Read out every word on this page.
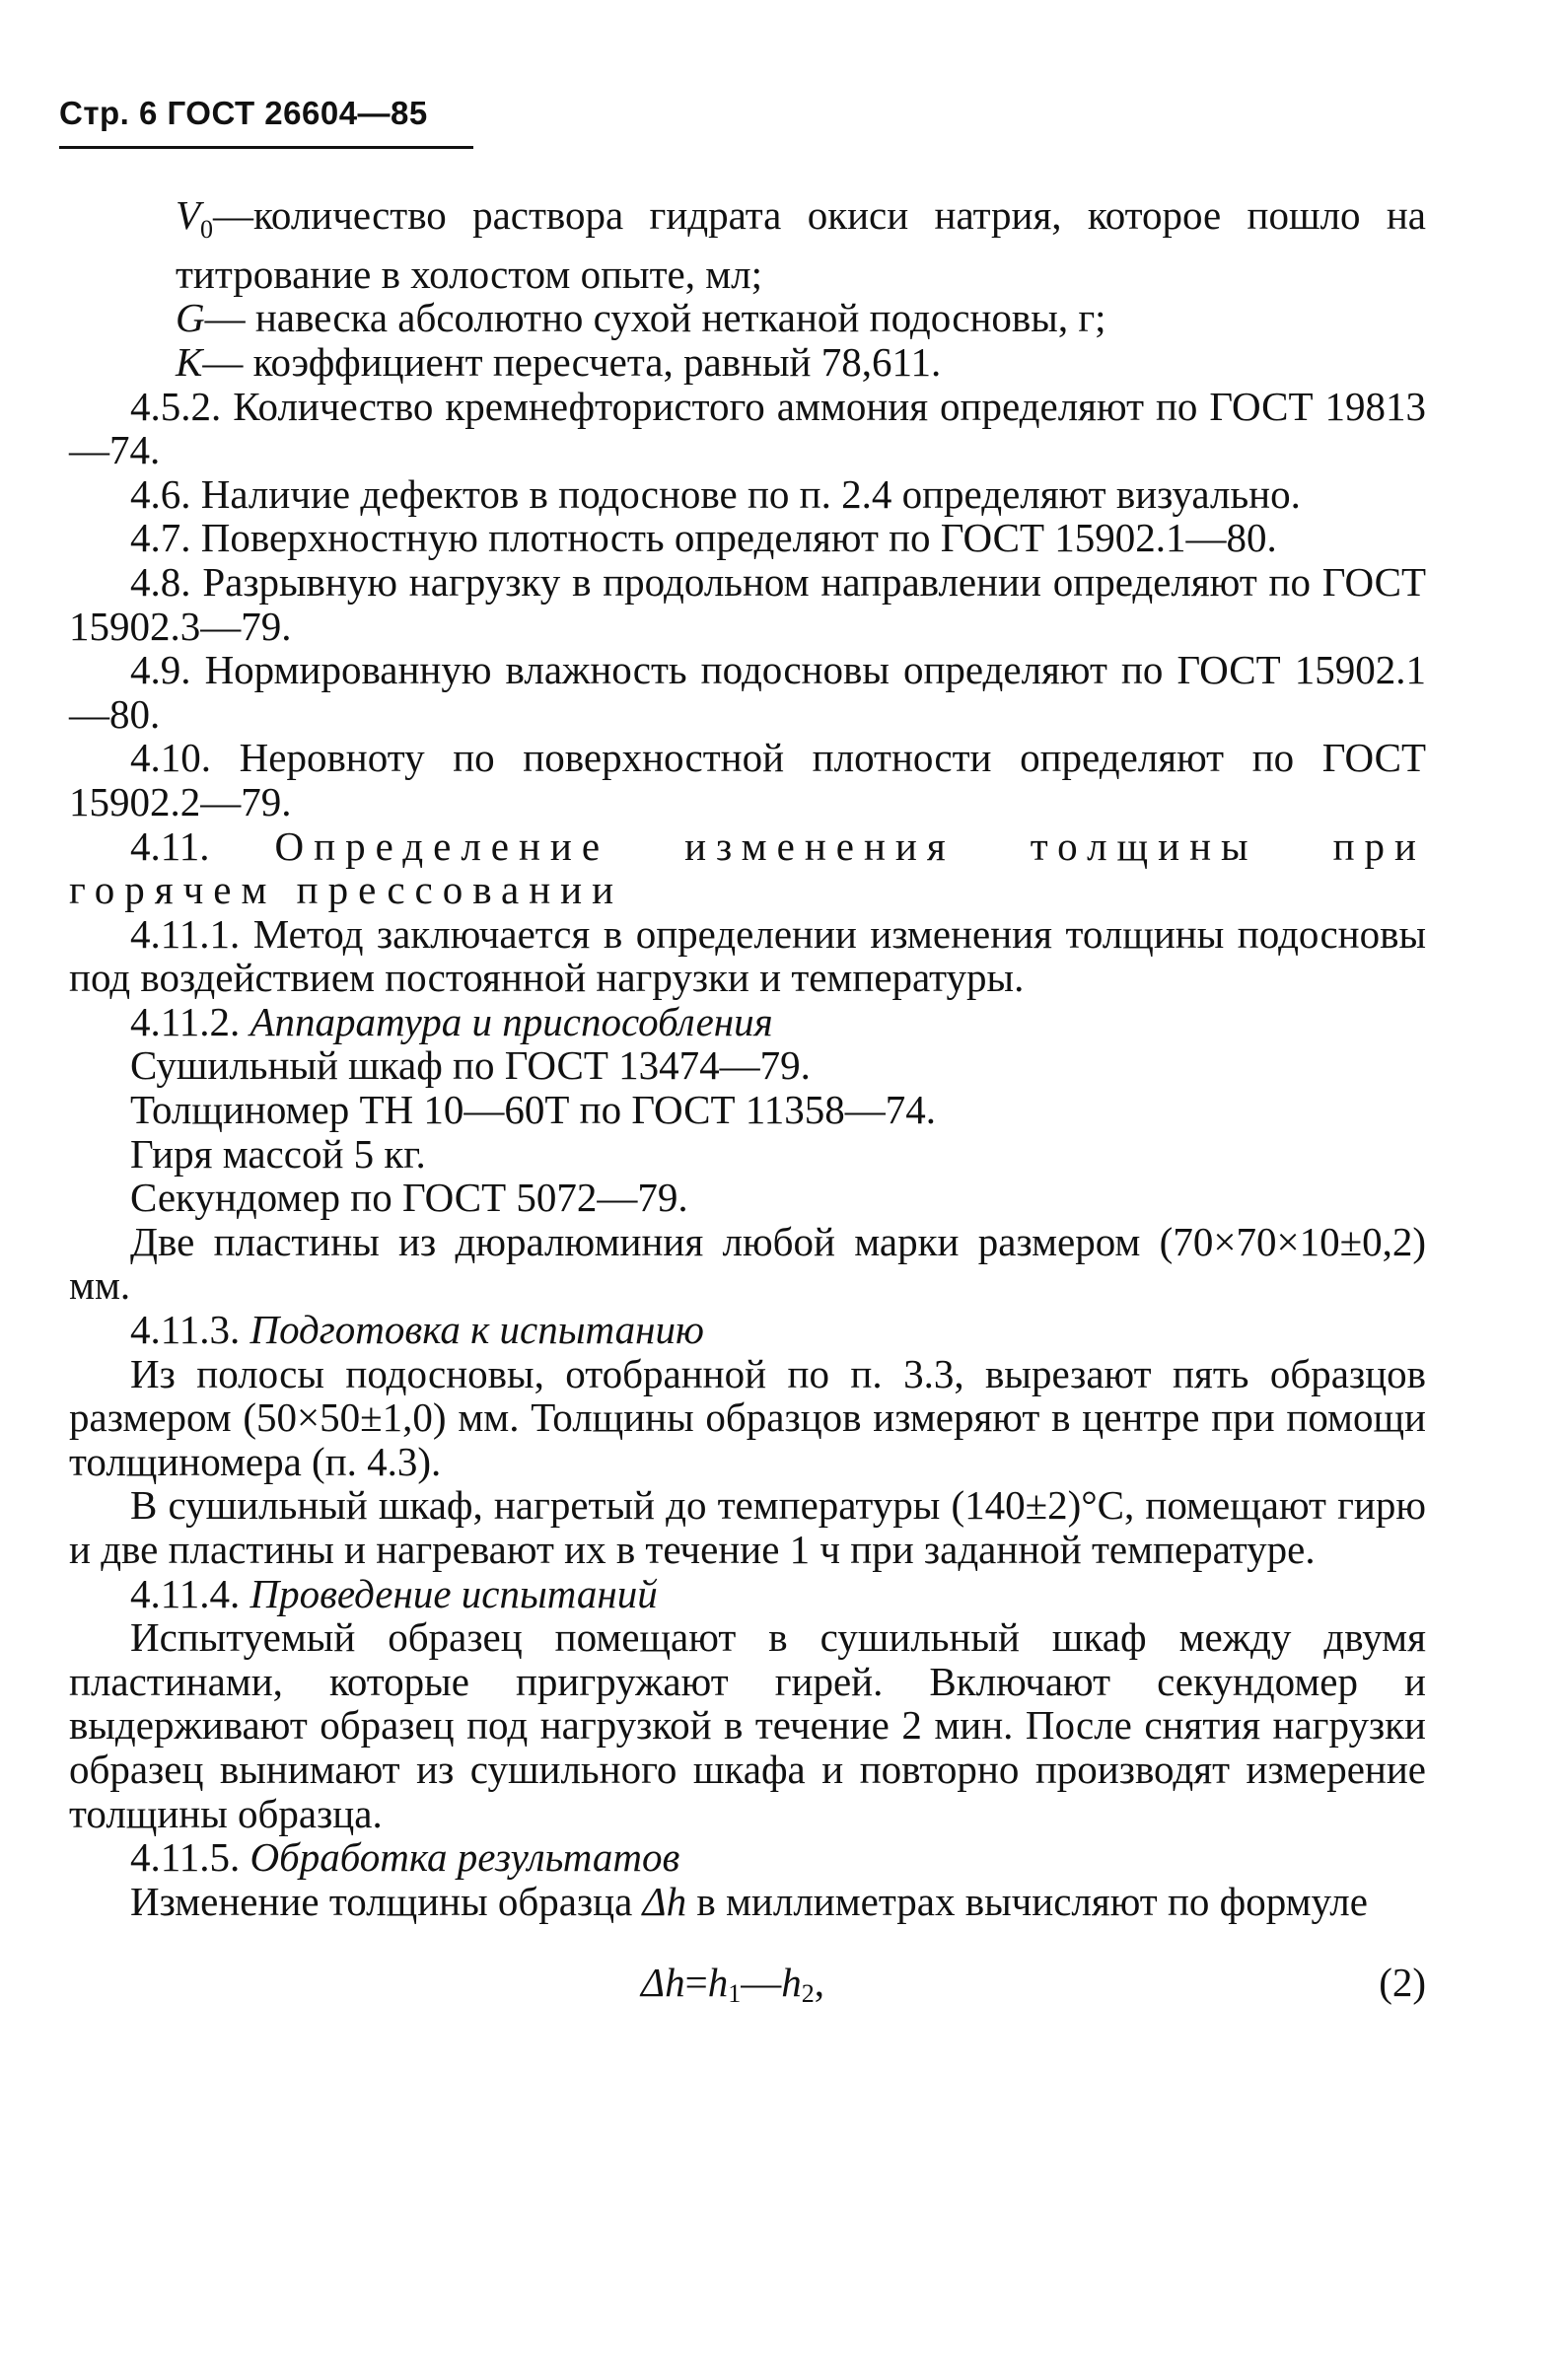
Стр. 6 ГОСТ 26604—85

$V_0—количество$ раствора гидрата окиси натрия, которое пошло на титрование в холостом опыте, мл;

G— навеска абсолютно сухой нетканой подосновы, г;

K— коэффициент пересчета, равный 78,611.

4.5.2. Количество кремнефтористого аммония определяют по ГОСТ 19813—74.

4.6. Наличие дефектов в подоснове по п. 2.4 определяют визуально.

4.7. Поверхностную плотность определяют по ГОСТ 15902.1—80.

4.8. Разрывную нагрузку в продольном направлении определяют по ГОСТ 15902.3—79.

4.9. Нормированную влажность подосновы определяют по ГОСТ 15902.1—80.

4.10. Неровноту по поверхностной плотности определяют по ГОСТ 15902.2—79.

4.11. Определение изменения толщины при горячем прессовании

4.11.1. Метод заключается в определении изменения толщины подосновы под воздействием постоянной нагрузки и температуры.

4.11.2. Аппаратура и приспособления

Сушильный шкаф по ГОСТ 13474—79.

Толщиномер ТН 10—60Т по ГОСТ 11358—74.

Гиря массой 5 кг.

Секундомер по ГОСТ 5072—79.

Две пластины из дюралюминия любой марки размером (70×70×10±0,2) мм.

4.11.3. Подготовка к испытанию

Из полосы подосновы, отобранной по п. 3.3, вырезают пять образцов размером (50×50±1,0) мм. Толщины образцов измеряют в центре при помощи толщиномера (п. 4.3).

В сушильный шкаф, нагретый до температуры (140±2)°С, помещают гирю и две пластины и нагревают их в течение 1 ч при заданной температуре.

4.11.4. Проведение испытаний

Испытуемый образец помещают в сушильный шкаф между двумя пластинами, которые пригружают гирей. Включают секундомер и выдерживают образец под нагрузкой в течение 2 мин. После снятия нагрузки образец вынимают из сушильного шкафа и повторно производят измерение толщины образца.

4.11.5. Обработка результатов

Изменение толщины образца Δh в миллиметрах вычисляют по формуле

$\Delta h=h_1—h_2$,	(2)
